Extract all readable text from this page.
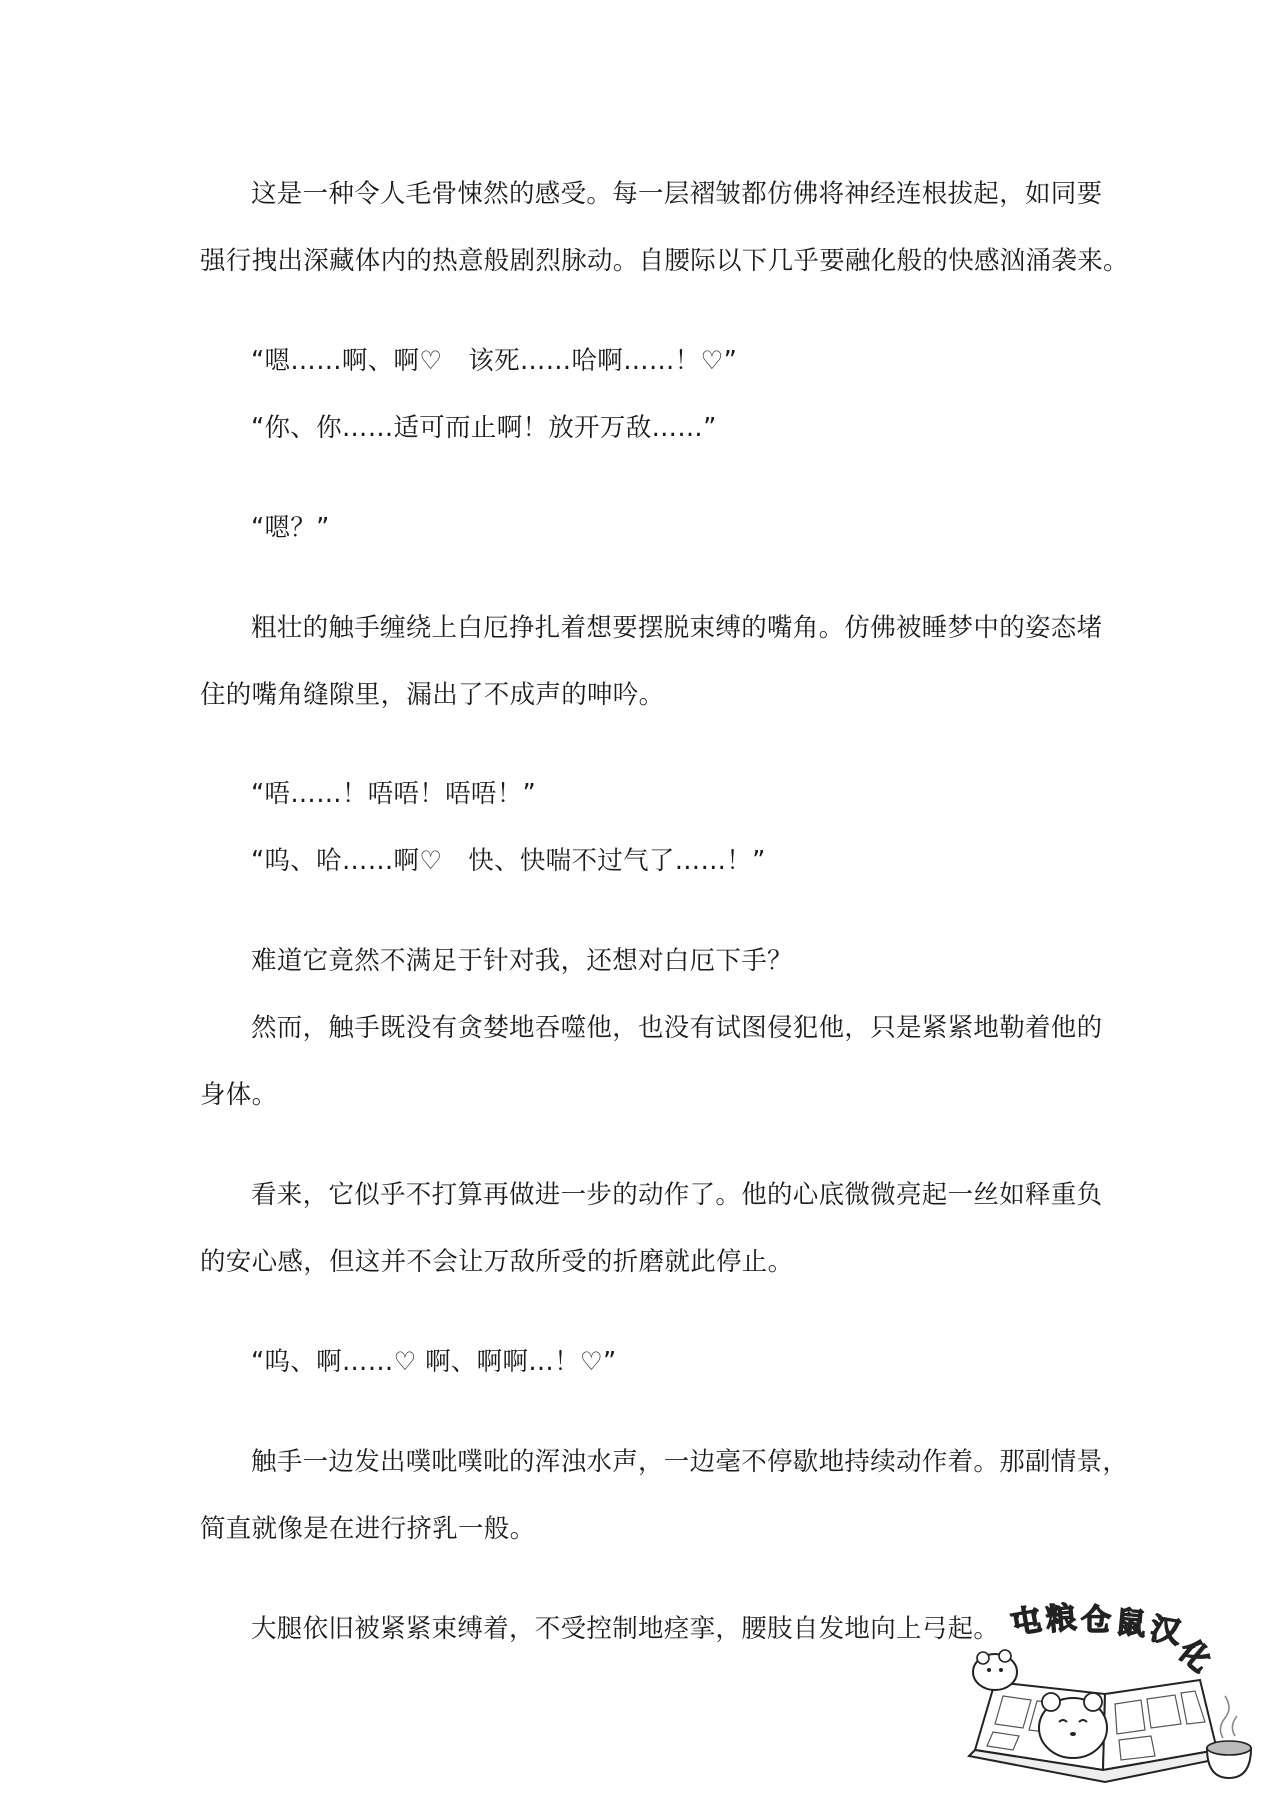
这是一种令人毛骨悚然的感受。每一层褶皱都仿佛将神经连根拔起，如同要
强行拽出深藏体内的热意般剧烈脉动。自腰际以下几乎要融化般的快感汹涌袭来。
“嗯……啊、啊♡　该死……哈啊……！♡”
“你、你……适可而止啊！放开万敌……”
“嗯？”
粗壮的触手缠绕上白厄挣扎着想要摆脱束缚的嘴角。仿佛被睡梦中的姿态堵
住的嘴角缝隙里，漏出了不成声的呻吟。
“唔……！唔唔！唔唔！”
“呜、哈……啊♡　快、快喘不过气了……！”
难道它竟然不满足于针对我，还想对白厄下手？
然而，触手既没有贪婪地吞噬他，也没有试图侵犯他，只是紧紧地勒着他的
身体。
看来，它似乎不打算再做进一步的动作了。他的心底微微亮起一丝如释重负
的安心感，但这并不会让万敌所受的折磨就此停止。
“呜、啊……♡ 啊、啊啊…！♡”
触手一边发出噗吡噗吡的浑浊水声，一边毫不停歇地持续动作着。那副情景，
简直就像是在进行挤乳一般。
大腿依旧被紧紧束缚着，不受控制地痉挛，腰肢自发地向上弓起。 屯 粮 仓 鼠 汉
化
